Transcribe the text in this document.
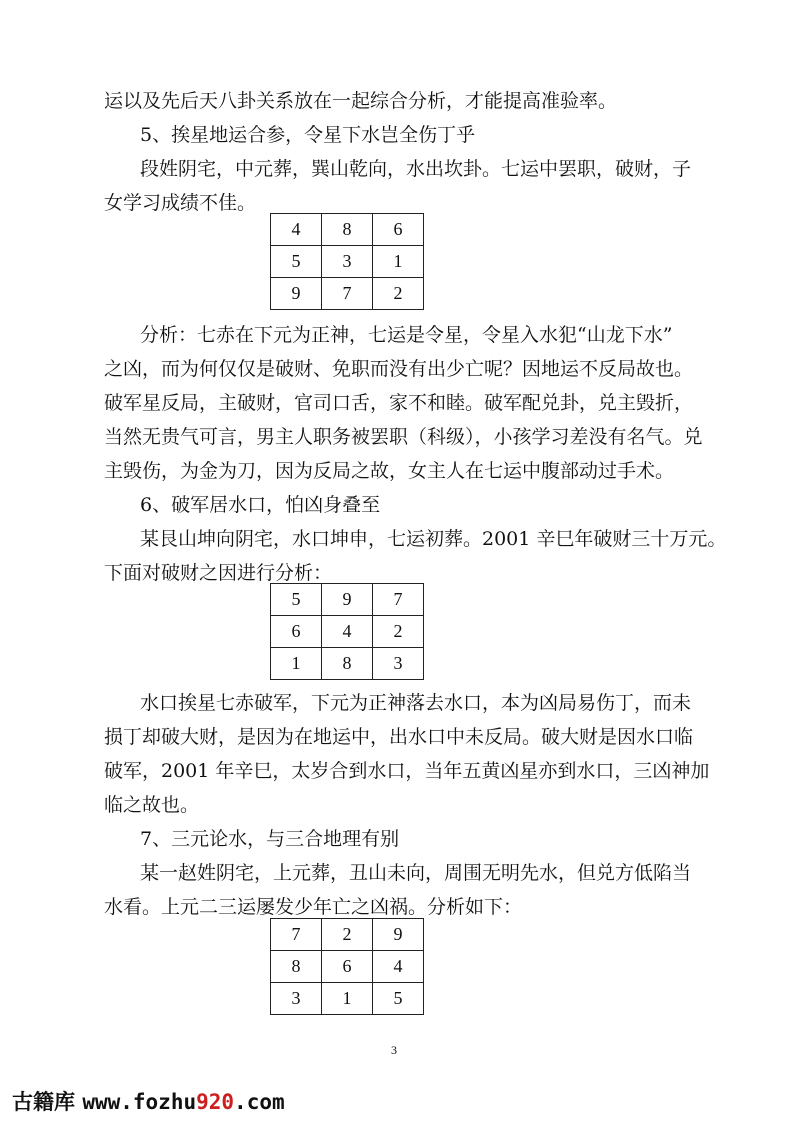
运以及先后天八卦关系放在一起综合分析，才能提高准验率。
5、挨星地运合参，令星下水岂全伤丁乎
段姓阴宅，中元葬，巽山乾向，水出坎卦。七运中罢职，破财，子
女学习成绩不佳。
4	8	6
5	3	1
9	7	2
分析：七赤在下元为正神，七运是令星，令星入水犯“山龙下水”
之凶，而为何仅仅是破财、免职而没有出少亡呢？因地运不反局故也。
破军星反局，主破财，官司口舌，家不和睦。破军配兑卦，兑主毁折，
当然无贵气可言，男主人职务被罢职（科级），小孩学习差没有名气。兑
主毁伤，为金为刀，因为反局之故，女主人在七运中腹部动过手术。
6、破军居水口，怕凶身叠至
某艮山坤向阴宅，水口坤申，七运初葬。2001 辛巳年破财三十万元。
下面对破财之因进行分析：
5	9	7
6	4	2
1	8	3
水口挨星七赤破军，下元为正神落去水口，本为凶局易伤丁，而未
损丁却破大财，是因为在地运中，出水口中未反局。破大财是因水口临
破军，2001 年辛巳，太岁合到水口，当年五黄凶星亦到水口，三凶神加
临之故也。
7、三元论水，与三合地理有别
某一赵姓阴宅，上元葬，丑山未向，周围无明先水，但兑方低陷当
水看。上元二三运屡发少年亡之凶祸。分析如下：
7	2	9
8	6	4
3	1	5
3
古籍库 www.fozhu920.com
